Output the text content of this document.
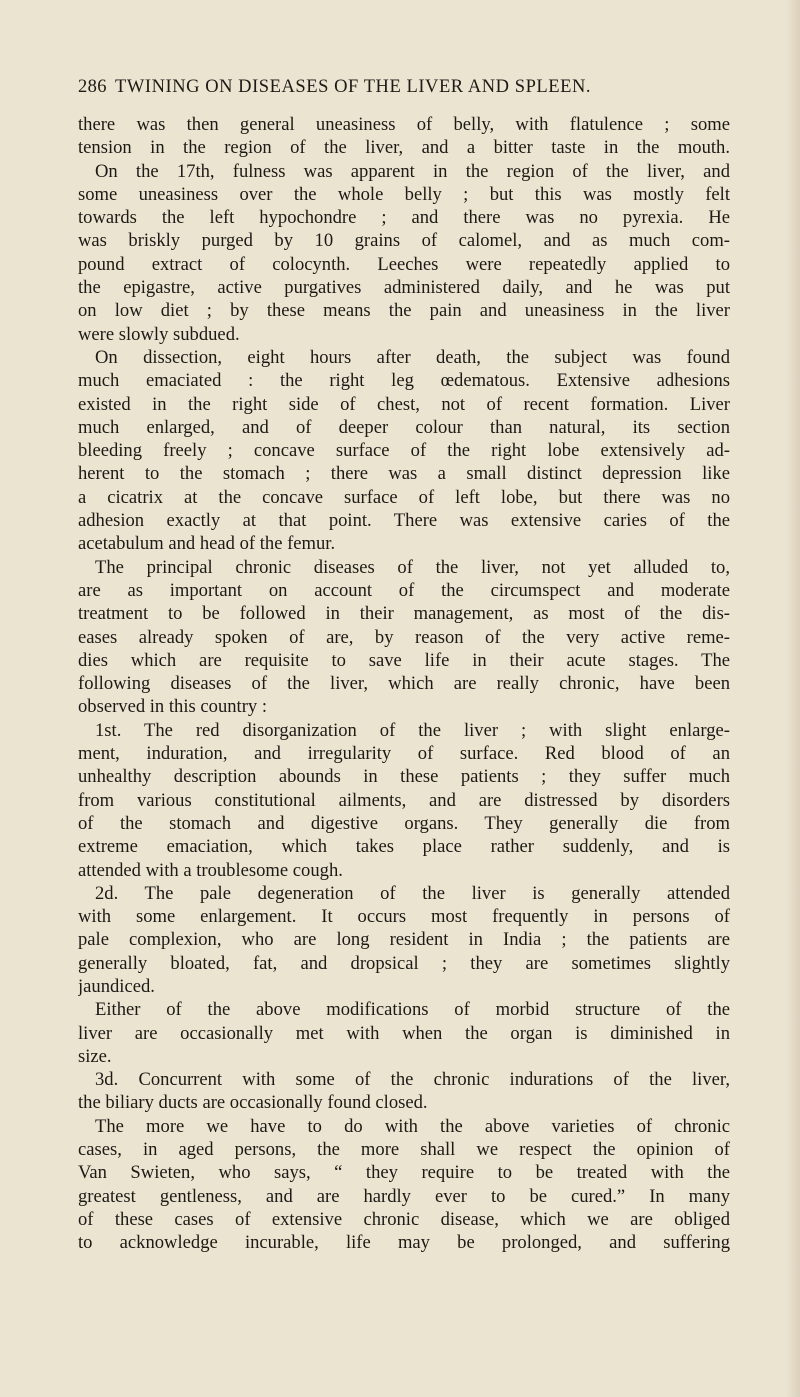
286 TWINING ON DISEASES OF THE LIVER AND SPLEEN.
there was then general uneasiness of belly, with flatulence ; some
tension in the region of the liver, and a bitter taste in the mouth.
On the 17th, fulness was apparent in the region of the liver, and
some uneasiness over the whole belly ; but this was mostly felt
towards the left hypochondre ; and there was no pyrexia. He
was briskly purged by 10 grains of calomel, and as much com-
pound extract of colocynth. Leeches were repeatedly applied to
the epigastre, active purgatives administered daily, and he was put
on low diet ; by these means the pain and uneasiness in the liver
were slowly subdued.
On dissection, eight hours after death, the subject was found
much emaciated : the right leg œdematous. Extensive adhesions
existed in the right side of chest, not of recent formation. Liver
much enlarged, and of deeper colour than natural, its section
bleeding freely ; concave surface of the right lobe extensively ad-
herent to the stomach ; there was a small distinct depression like
a cicatrix at the concave surface of left lobe, but there was no
adhesion exactly at that point. There was extensive caries of the
acetabulum and head of the femur.
The principal chronic diseases of the liver, not yet alluded to,
are as important on account of the circumspect and moderate
treatment to be followed in their management, as most of the dis-
eases already spoken of are, by reason of the very active reme-
dies which are requisite to save life in their acute stages. The
following diseases of the liver, which are really chronic, have been
observed in this country :
1st. The red disorganization of the liver ; with slight enlarge-
ment, induration, and irregularity of surface. Red blood of an
unhealthy description abounds in these patients ; they suffer much
from various constitutional ailments, and are distressed by disorders
of the stomach and digestive organs. They generally die from
extreme emaciation, which takes place rather suddenly, and is
attended with a troublesome cough.
2d. The pale degeneration of the liver is generally attended
with some enlargement. It occurs most frequently in persons of
pale complexion, who are long resident in India ; the patients are
generally bloated, fat, and dropsical ; they are sometimes slightly
jaundiced.
Either of the above modifications of morbid structure of the
liver are occasionally met with when the organ is diminished in
size.
3d. Concurrent with some of the chronic indurations of the liver,
the biliary ducts are occasionally found closed.
The more we have to do with the above varieties of chronic
cases, in aged persons, the more shall we respect the opinion of
Van Swieten, who says, “ they require to be treated with the
greatest gentleness, and are hardly ever to be cured.” In many
of these cases of extensive chronic disease, which we are obliged
to acknowledge incurable, life may be prolonged, and suffering
